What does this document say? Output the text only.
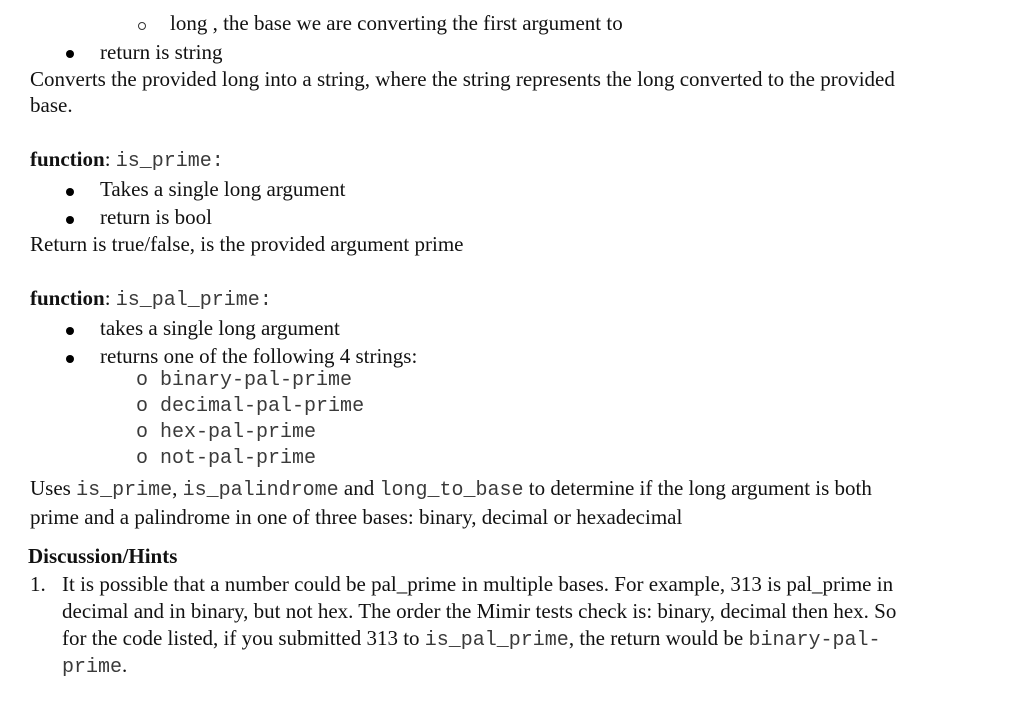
long , the base we are converting the first argument to
return is string
Converts the provided long into a string, where the string represents the long converted to the provided
base.
function: is_prime:
Takes a single long argument
return is bool
Return is true/false, is the provided argument prime
function: is_pal_prime:
takes a single long argument
returns one of the following 4 strings:
o binary-pal-prime
o decimal-pal-prime
o hex-pal-prime
o not-pal-prime
Uses is_prime, is_palindrome and long_to_base to determine if the long argument is both
prime and a palindrome in one of three bases: binary, decimal or hexadecimal
Discussion/Hints
1. It is possible that a number could be pal_prime in multiple bases. For example, 313 is pal_prime in
decimal and in binary, but not hex. The order the Mimir tests check is: binary, decimal then hex. So
for the code listed, if you submitted 313 to is_pal_prime, the return would be binary-pal-
prime.
